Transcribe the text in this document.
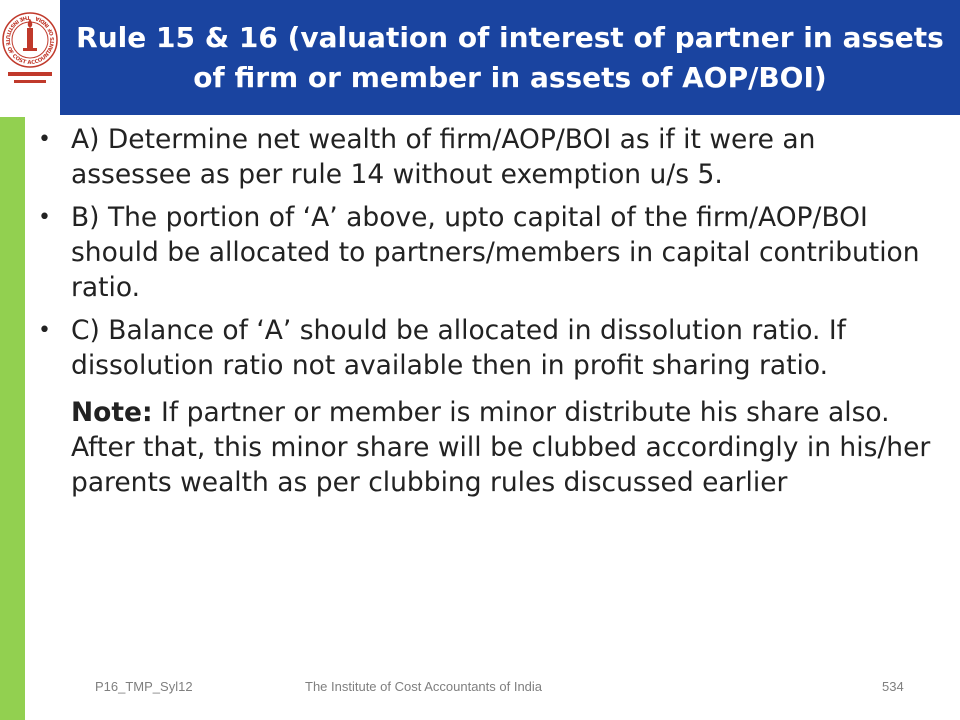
THE INSTITUTE OF COST ACCOUNTANTS OF INDIA
Rule 15 & 16 (valuation of interest of partner in assets of firm or member in assets of AOP/BOI)
• A) Determine net wealth of firm/AOP/BOI as if it were an assessee as per rule 14 without exemption u/s 5.
• B) The portion of ‘A’ above, upto capital of the firm/AOP/BOI should be allocated to partners/members in capital contribution ratio.
• C) Balance of ‘A’ should be allocated in dissolution ratio. If dissolution ratio not available then in profit sharing ratio.
Note: If partner or member is minor distribute his share also. After that, this minor share will be clubbed accordingly in his/her parents wealth as per clubbing rules discussed earlier
P16_TMP_Syl12	The Institute of Cost Accountants of India	534
